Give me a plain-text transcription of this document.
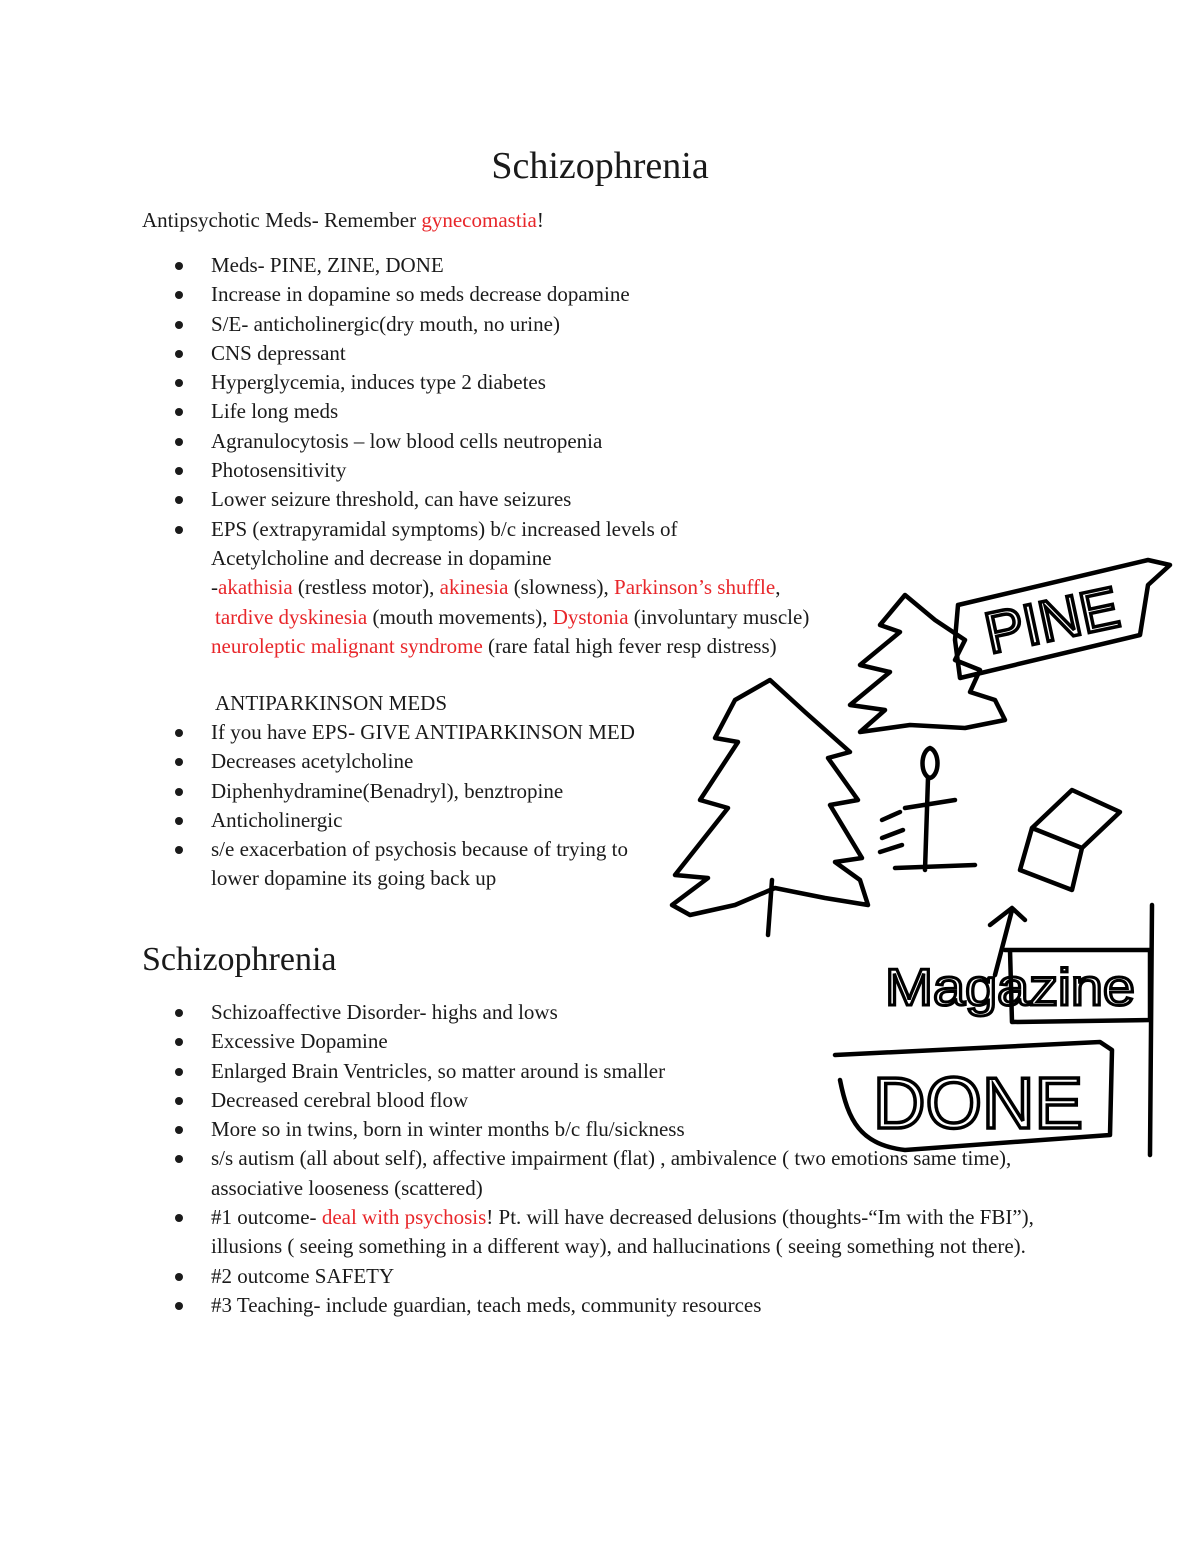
Schizophrenia
Antipsychotic Meds- Remember gynecomastia!
Meds- PINE, ZINE, DONE
Increase in dopamine so meds decrease dopamine
S/E- anticholinergic(dry mouth, no urine)
CNS depressant
Hyperglycemia, induces type 2 diabetes
Life long meds
Agranulocytosis – low blood cells neutropenia
Photosensitivity
Lower seizure threshold, can have seizures
EPS (extrapyramidal symptoms) b/c increased levels of
Acetylcholine and decrease in dopamine
-akathisia (restless motor), akinesia (slowness), Parkinson’s shuffle,
tardive dyskinesia (mouth movements), Dystonia (involuntary muscle)
neuroleptic malignant syndrome (rare fatal high fever resp distress)
ANTIPARKINSON MEDS
If you have EPS- GIVE ANTIPARKINSON MED
Decreases acetylcholine
Diphenhydramine(Benadryl), benztropine
Anticholinergic
s/e exacerbation of psychosis because of trying to
lower dopamine its going back up
Schizophrenia
Schizoaffective Disorder- highs and lows
Excessive Dopamine
Enlarged Brain Ventricles, so matter around is smaller
Decreased cerebral blood flow
More so in twins, born in winter months b/c flu/sickness
s/s autism (all about self), affective impairment (flat) , ambivalence ( two emotions same time), associative looseness (scattered)
#1 outcome- deal with psychosis! Pt. will have decreased delusions (thoughts-“Im with the FBI”), illusions ( seeing something in a different way), and hallucinations ( seeing something not there).
#2 outcome SAFETY
#3 Teaching- include guardian, teach meds, community resources
PINE
Magazine
DONE
